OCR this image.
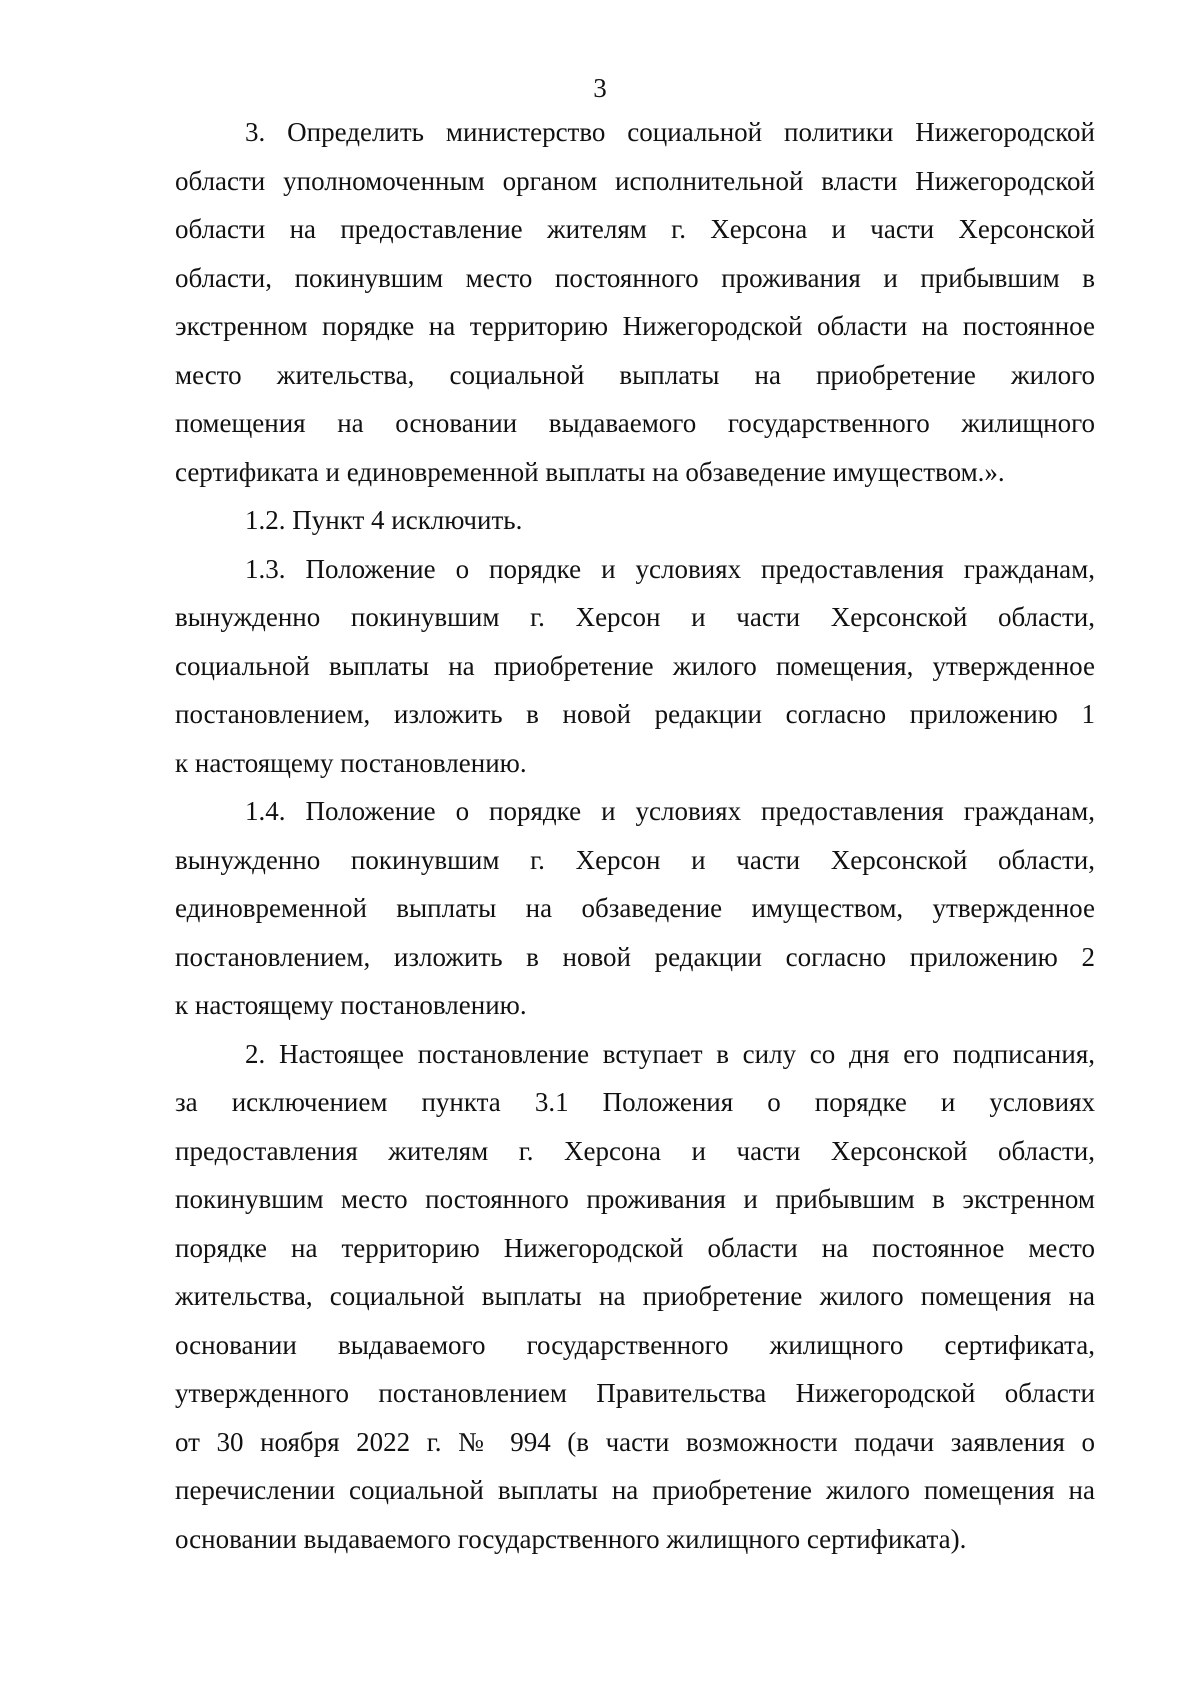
3
3. Определить министерство социальной политики Нижегородской
области уполномоченным органом исполнительной власти Нижегородской
области на предоставление жителям г. Херсона и части Херсонской
области, покинувшим место постоянного проживания и прибывшим в
экстренном порядке на территорию Нижегородской области на постоянное
место жительства, социальной выплаты на приобретение жилого
помещения на основании выдаваемого государственного жилищного
сертификата и единовременной выплаты на обзаведение имуществом.».
1.2. Пункт 4 исключить.
1.3. Положение о порядке и условиях предоставления гражданам,
вынужденно покинувшим г. Херсон и части Херсонской области,
социальной выплаты на приобретение жилого помещения, утвержденное
постановлением, изложить в новой редакции согласно приложению 1
к настоящему постановлению.
1.4. Положение о порядке и условиях предоставления гражданам,
вынужденно покинувшим г. Херсон и части Херсонской области,
единовременной выплаты на обзаведение имуществом, утвержденное
постановлением, изложить в новой редакции согласно приложению 2
к настоящему постановлению.
2. Настоящее постановление вступает в силу со дня его подписания,
за исключением пункта 3.1 Положения о порядке и условиях
предоставления жителям г. Херсона и части Херсонской области,
покинувшим место постоянного проживания и прибывшим в экстренном
порядке на территорию Нижегородской области на постоянное место
жительства, социальной выплаты на приобретение жилого помещения на
основании выдаваемого государственного жилищного сертификата,
утвержденного постановлением Правительства Нижегородской области
от 30 ноября 2022 г. № 994 (в части возможности подачи заявления о
перечислении социальной выплаты на приобретение жилого помещения на
основании выдаваемого государственного жилищного сертификата).
